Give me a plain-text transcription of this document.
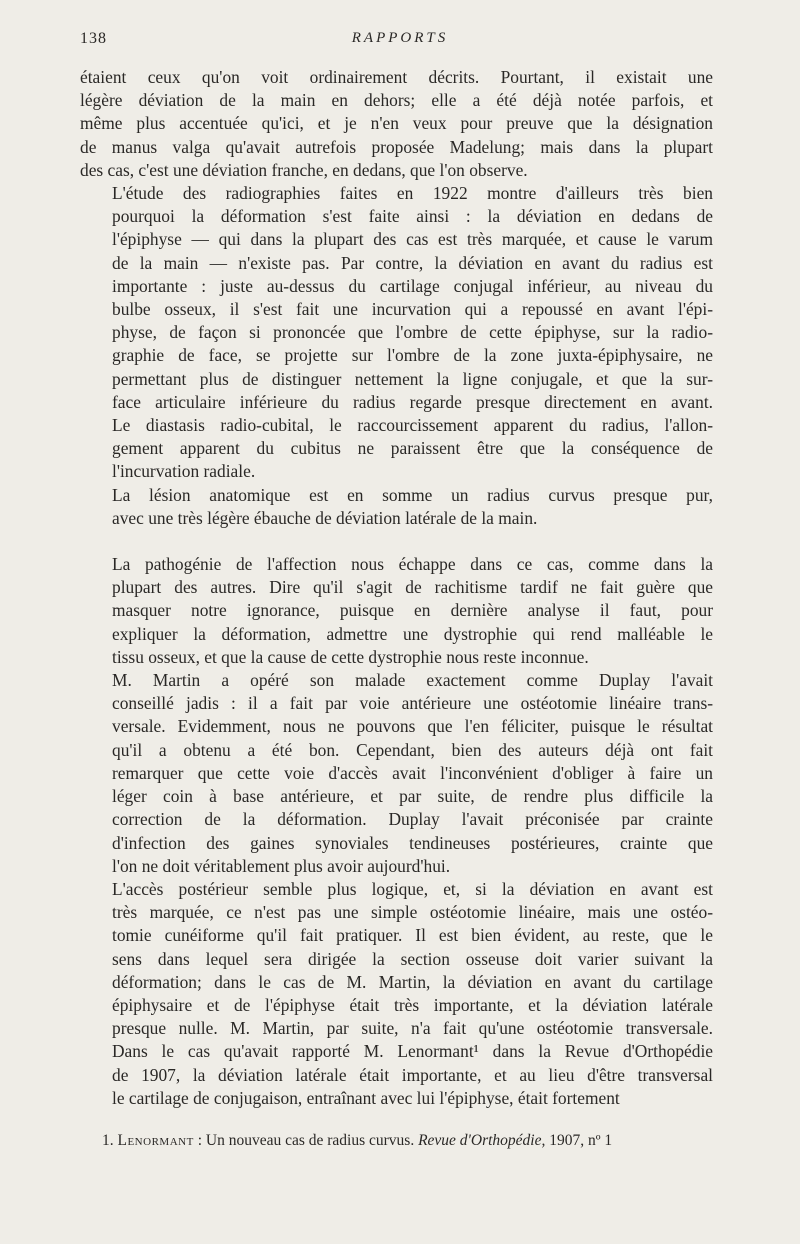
138	RAPPORTS

étaient ceux qu'on voit ordinairement décrits. Pourtant, il existait une
légère déviation de la main en dehors; elle a été déjà notée parfois, et
même plus accentuée qu'ici, et je n'en veux pour preuve que la désignation
de manus valga qu'avait autrefois proposée Madelung; mais dans la plupart
des cas, c'est une déviation franche, en dedans, que l'on observe.

L'étude des radiographies faites en 1922 montre d'ailleurs très bien
pourquoi la déformation s'est faite ainsi : la déviation en dedans de
l'épiphyse — qui dans la plupart des cas est très marquée, et cause le varum
de la main — n'existe pas. Par contre, la déviation en avant du radius est
importante : juste au-dessus du cartilage conjugal inférieur, au niveau du
bulbe osseux, il s'est fait une incurvation qui a repoussé en avant l'épi-
physe, de façon si prononcée que l'ombre de cette épiphyse, sur la radio-
graphie de face, se projette sur l'ombre de la zone juxta-épiphysaire, ne
permettant plus de distinguer nettement la ligne conjugale, et que la sur-
face articulaire inférieure du radius regarde presque directement en avant.
Le diastasis radio-cubital, le raccourcissement apparent du radius, l'allon-
gement apparent du cubitus ne paraissent être que la conséquence de
l'incurvation radiale.

La lésion anatomique est en somme un radius curvus presque pur,
avec une très légère ébauche de déviation latérale de la main.

La pathogénie de l'affection nous échappe dans ce cas, comme dans la
plupart des autres. Dire qu'il s'agit de rachitisme tardif ne fait guère que
masquer notre ignorance, puisque en dernière analyse il faut, pour
expliquer la déformation, admettre une dystrophie qui rend malléable le
tissu osseux, et que la cause de cette dystrophie nous reste inconnue.

M. Martin a opéré son malade exactement comme Duplay l'avait
conseillé jadis : il a fait par voie antérieure une ostéotomie linéaire trans-
versale. Evidemment, nous ne pouvons que l'en féliciter, puisque le résultat
qu'il a obtenu a été bon. Cependant, bien des auteurs déjà ont fait
remarquer que cette voie d'accès avait l'inconvénient d'obliger à faire un
léger coin à base antérieure, et par suite, de rendre plus difficile la
correction de la déformation. Duplay l'avait préconisée par crainte
d'infection des gaines synoviales tendineuses postérieures, crainte que
l'on ne doit véritablement plus avoir aujourd'hui.

L'accès postérieur semble plus logique, et, si la déviation en avant est
très marquée, ce n'est pas une simple ostéotomie linéaire, mais une ostéo-
tomie cunéiforme qu'il fait pratiquer. Il est bien évident, au reste, que le
sens dans lequel sera dirigée la section osseuse doit varier suivant la
déformation; dans le cas de M. Martin, la déviation en avant du cartilage
épiphysaire et de l'épiphyse était très importante, et la déviation latérale
presque nulle. M. Martin, par suite, n'a fait qu'une ostéotomie transversale.
Dans le cas qu'avait rapporté M. Lenormant¹ dans la Revue d'Orthopédie
de 1907, la déviation latérale était importante, et au lieu d'être transversal
le cartilage de conjugaison, entraînant avec lui l'épiphyse, était fortement

1. Lenormant : Un nouveau cas de radius curvus. Revue d'Orthopédie, 1907, nº 1
